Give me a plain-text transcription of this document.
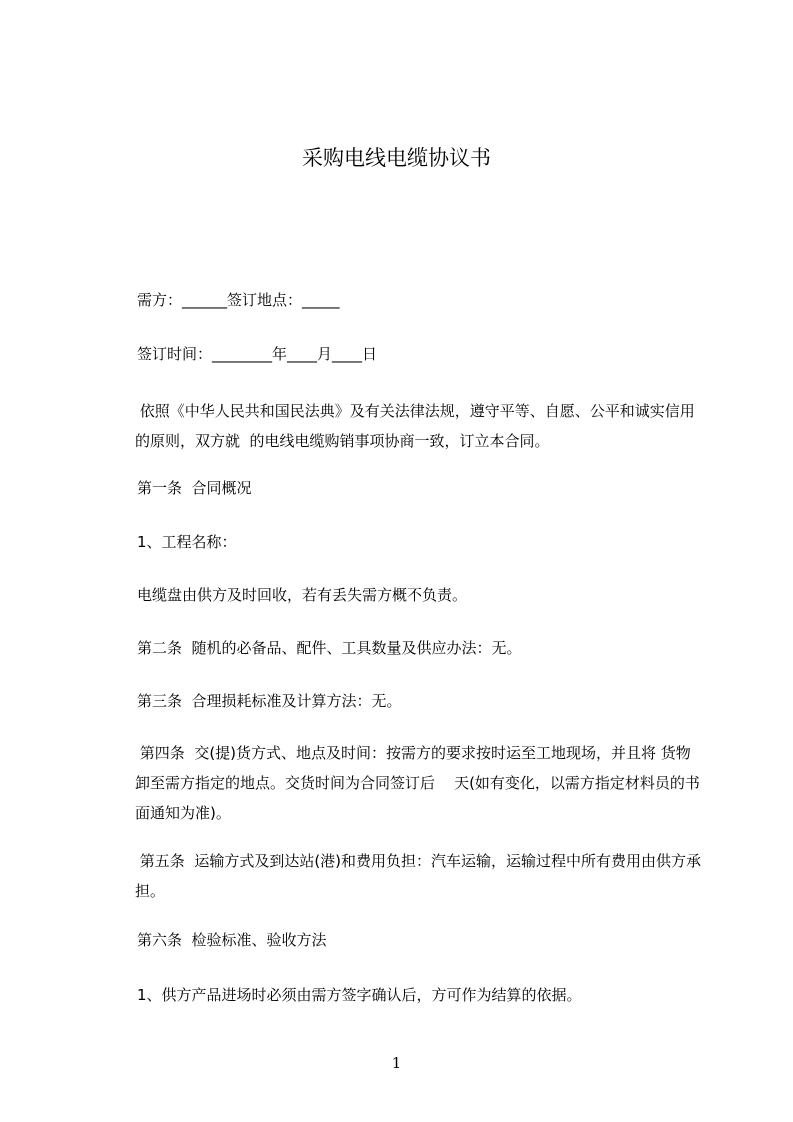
采购电线电缆协议书

需方：______签订地点：_____

签订时间：________年____月____日

依照《中华人民共和国民法典》及有关法律法规，遵守平等、自愿、公平和诚实信用的原则，双方就  的电线电缆购销事项协商一致，订立本合同。

第一条  合同概况

1、工程名称：

电缆盘由供方及时回收，若有丢失需方概不负责。

第二条  随机的必备品、配件、工具数量及供应办法：无。

第三条  合理损耗标准及计算方法：无。

第四条  交(提)货方式、地点及时间：按需方的要求按时运至工地现场，并且将 货物卸至需方指定的地点。交货时间为合同签订后    天(如有变化，以需方指定材料员的书面通知为准)。

第五条  运输方式及到达站(港)和费用负担：汽车运输，运输过程中所有费用由供方承担。

第六条  检验标准、验收方法

1、供方产品进场时必须由需方签字确认后，方可作为结算的依据。

1
